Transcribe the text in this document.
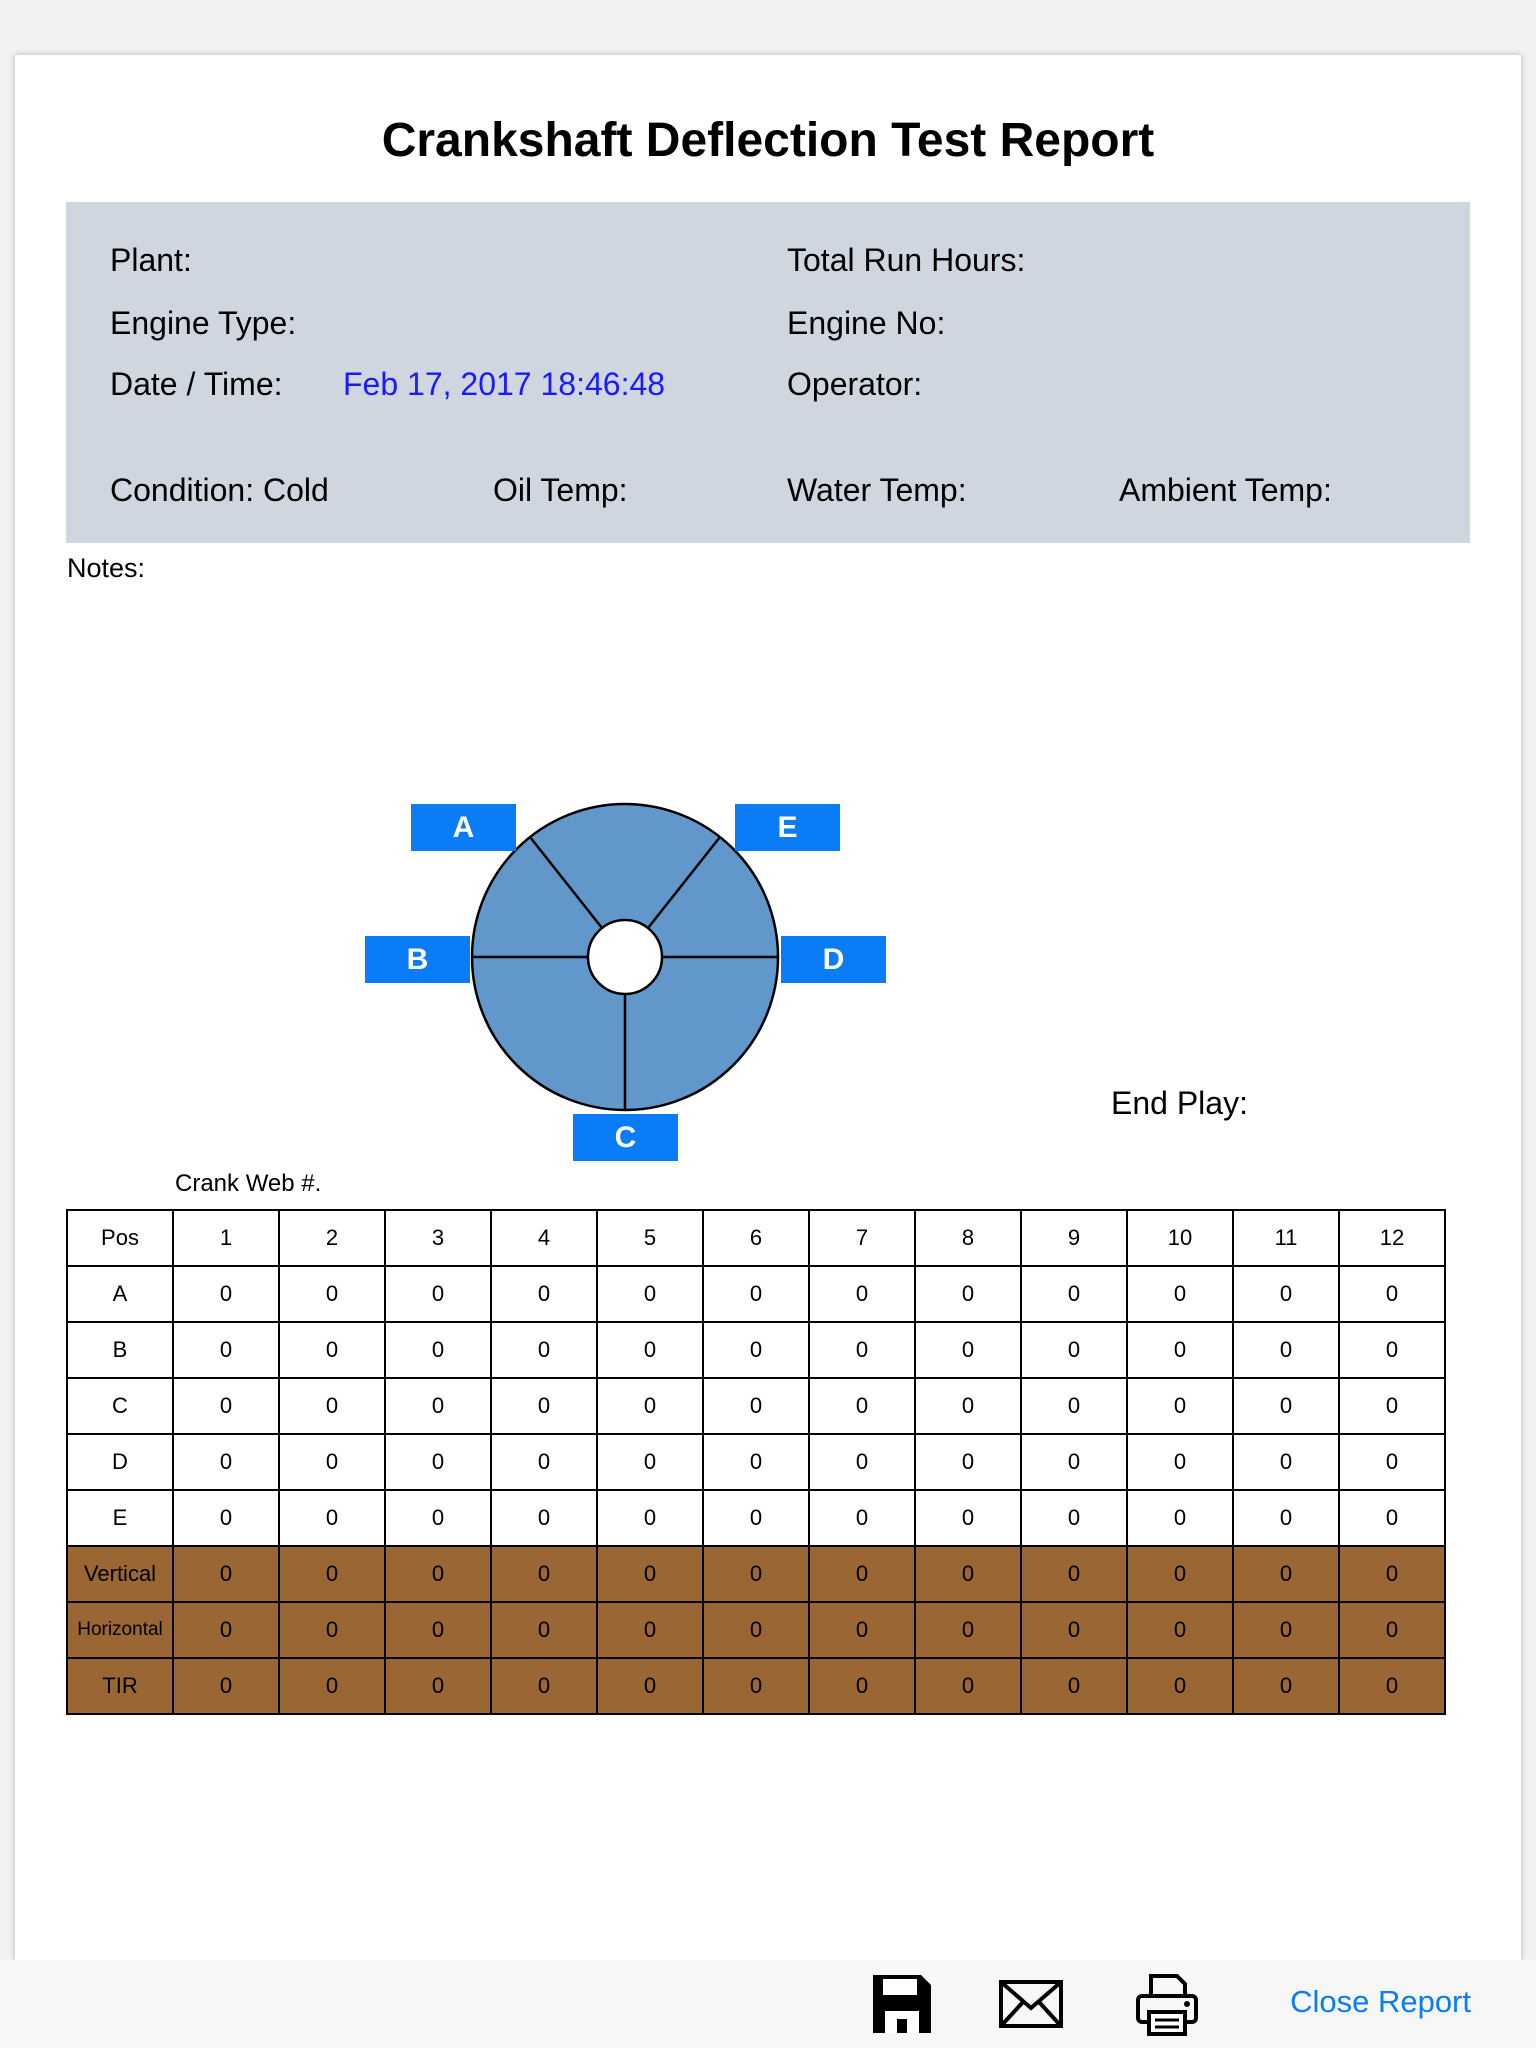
Crankshaft Deflection Test Report
Plant:
Engine Type:
Date / Time: Feb 17, 2017 18:46:48
Total Run Hours:
Engine No:
Operator:
Condition: Cold	Oil Temp:	Water Temp:	Ambient Temp:
Notes:
A
B
C
D
E
End Play:
Crank Web #.
Pos	1	2	3	4	5	6	7	8	9	10	11	12
A	0	0	0	0	0	0	0	0	0	0	0	0
B	0	0	0	0	0	0	0	0	0	0	0	0
C	0	0	0	0	0	0	0	0	0	0	0	0
D	0	0	0	0	0	0	0	0	0	0	0	0
E	0	0	0	0	0	0	0	0	0	0	0	0
Vertical	0	0	0	0	0	0	0	0	0	0	0	0
Horizontal	0	0	0	0	0	0	0	0	0	0	0	0
TIR	0	0	0	0	0	0	0	0	0	0	0	0
Close Report
